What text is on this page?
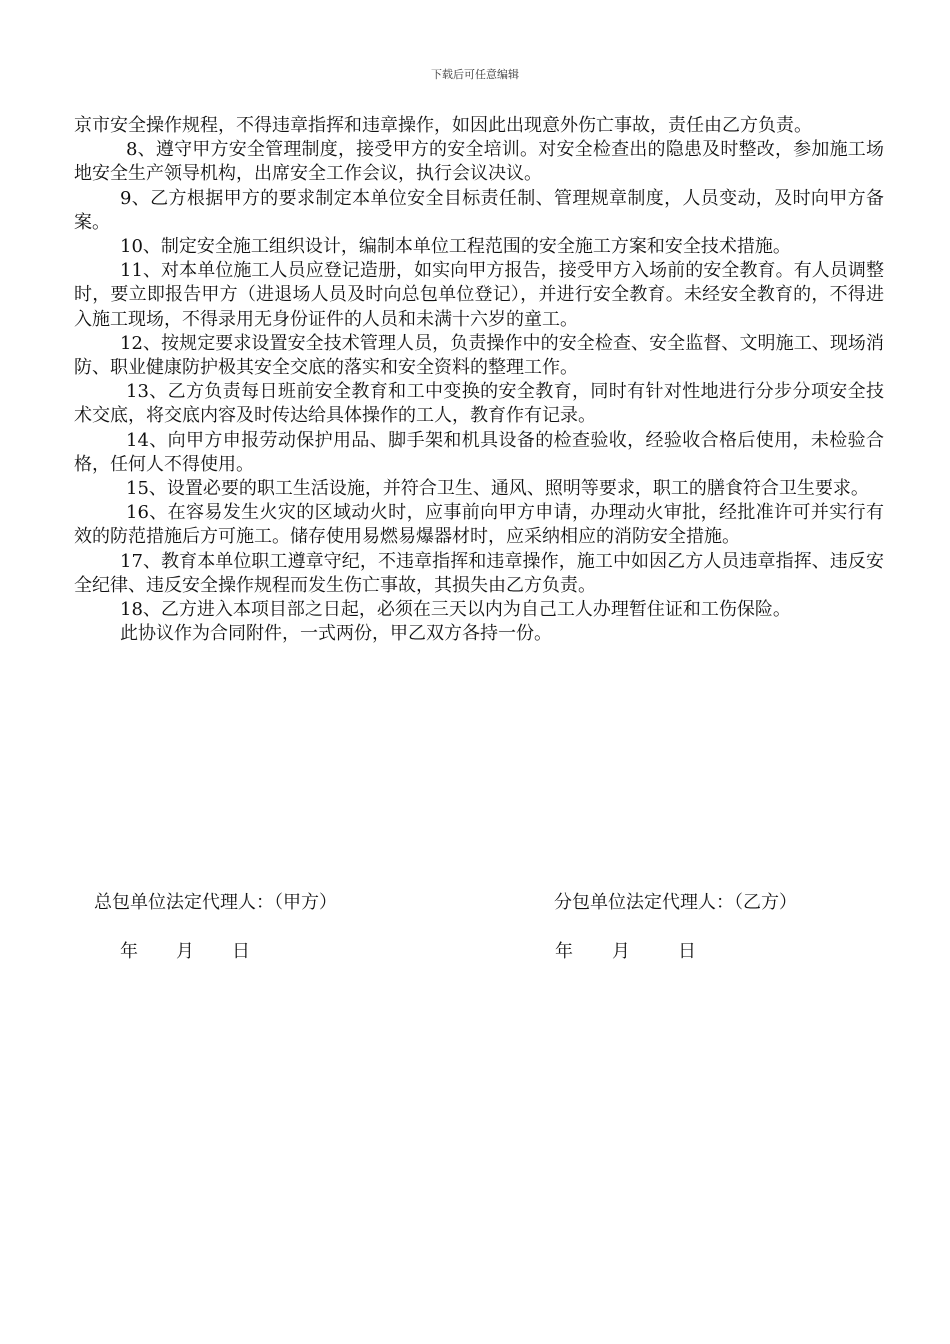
下载后可任意编辑

京市安全操作规程，不得违章指挥和违章操作，如因此出现意外伤亡事故，责任由乙方负责。

8、遵守甲方安全管理制度，接受甲方的安全培训。对安全检查出的隐患及时整改，参加施工场地安全生产领导机构，出席安全工作会议，执行会议决议。

9、乙方根据甲方的要求制定本单位安全目标责任制、管理规章制度，人员变动，及时向甲方备案。

10、制定安全施工组织设计，编制本单位工程范围的安全施工方案和安全技术措施。

11、对本单位施工人员应登记造册，如实向甲方报告，接受甲方入场前的安全教育。有人员调整时，要立即报告甲方（进退场人员及时向总包单位登记），并进行安全教育。未经安全教育的，不得进入施工现场，不得录用无身份证件的人员和未满十六岁的童工。

12、按规定要求设置安全技术管理人员，负责操作中的安全检查、安全监督、文明施工、现场消防、职业健康防护极其安全交底的落实和安全资料的整理工作。

13、乙方负责每日班前安全教育和工中变换的安全教育，同时有针对性地进行分步分项安全技术交底，将交底内容及时传达给具体操作的工人，教育作有记录。

14、向甲方申报劳动保护用品、脚手架和机具设备的检查验收，经验收合格后使用，未检验合格，任何人不得使用。

15、设置必要的职工生活设施，并符合卫生、通风、照明等要求，职工的膳食符合卫生要求。

16、在容易发生火灾的区域动火时，应事前向甲方申请，办理动火审批，经批准许可并实行有效的防范措施后方可施工。储存使用易燃易爆器材时，应采纳相应的消防安全措施。

17、教育本单位职工遵章守纪，不违章指挥和违章操作，施工中如因乙方人员违章指挥、违反安全纪律、违反安全操作规程而发生伤亡事故，其损失由乙方负责。

18、乙方进入本项目部之日起，必须在三天以内为自己工人办理暂住证和工伤保险。

此协议作为合同附件，一式两份，甲乙双方各持一份。

总包单位法定代理人：（甲方）	分包单位法定代理人：（乙方）
年 月 日	年 月	日
